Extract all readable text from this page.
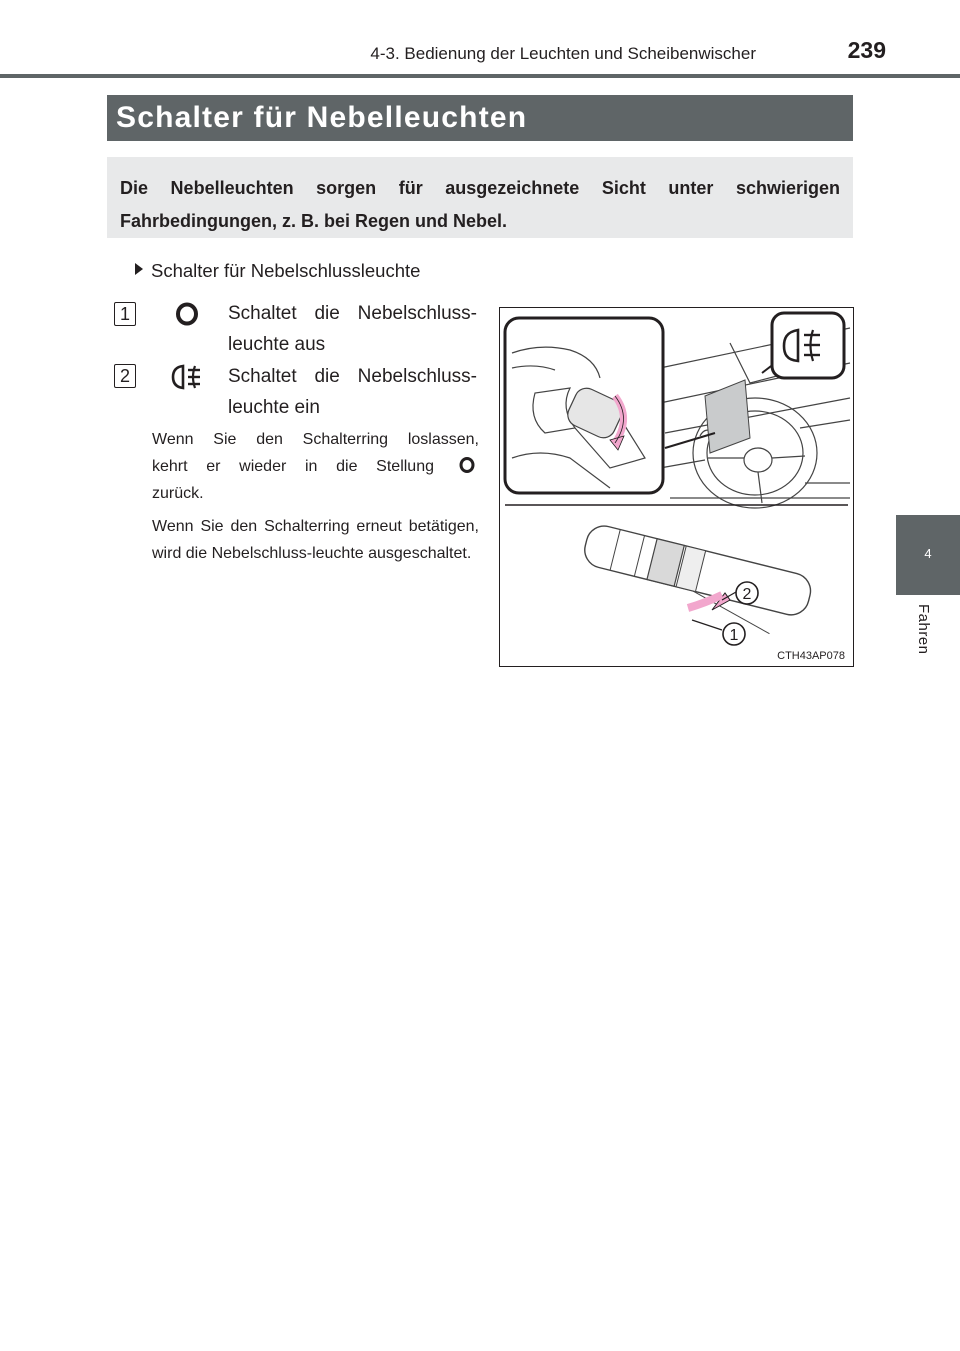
4-3. Bedienung der Leuchten und Scheibenwischer	239
4
Fahren
Schalter für Nebelleuchten
Die Nebelleuchten sorgen für ausgezeichnete Sicht unter schwierigen Fahrbedingungen, z. B. bei Regen und Nebel.
Schalter für Nebelschlussleuchte
1	Schaltet die Nebelschluss-
leuchte aus
2	Schaltet die Nebelschluss-
leuchte ein
Wenn Sie den Schalterring loslassen,
kehrt er wieder in die Stellung
zurück.
Wenn Sie den Schalterring erneut betätigen, wird die Nebelschluss-leuchte ausgeschaltet.
2
1
CTH43AP078
